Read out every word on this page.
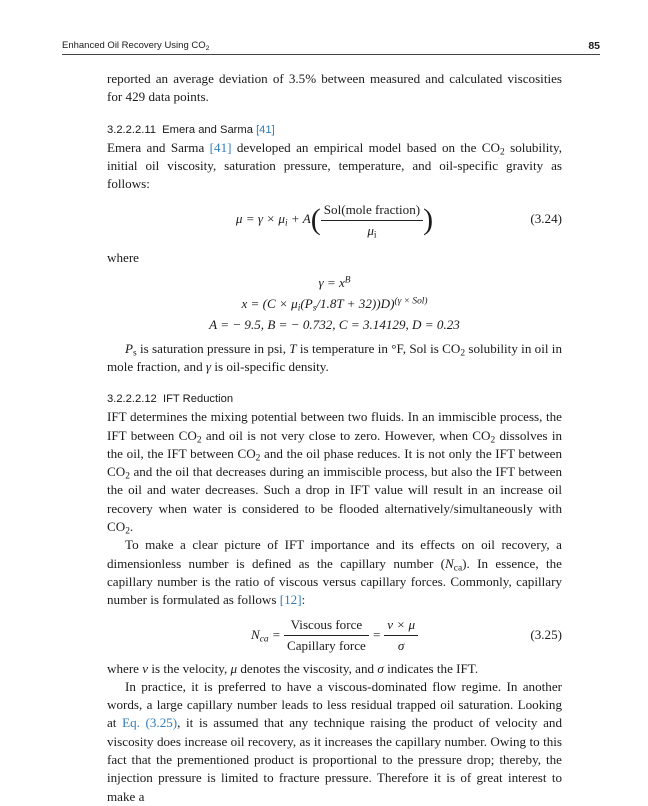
Enhanced Oil Recovery Using $CO_2$	85

reported an average deviation of 3.5% between measured and calculated viscosities for 429 data points.

3.2.2.2.11 Emera and Sarma [41]

Emera and Sarma [41] developed an empirical model based on the $CO_2$ solubility, initial oil viscosity, saturation pressure, temperature, and oil-specific gravity as follows:

$\mu = \gamma \times \mu_i + A( \frac{\text{Sol(mole fraction)}}{\mu_i}$ )	(3.24)

where

$\gamma = x^B$
$x = (C \times \mu_i(P_s/1.8T + 32))D)^{(\gamma \times Sol)}$
A = − 9.5, B = − 0.732, C = 3.14129, D = 0.23

$P_s$ is saturation pressure in psi, T is temperature in °F, Sol is $CO_2$ solubility in oil in mole fraction, and γ is oil-specific density.

3.2.2.2.12 IFT Reduction

IFT determines the mixing potential between two fluids. In an immiscible process, the IFT between $CO_2$ and oil is not very close to zero. However, when $CO_2$ dissolves in the oil, the IFT between $CO_2$ and the oil phase reduces. It is not only the IFT between $CO_2$ and the oil that decreases during an immiscible process, but also the IFT between the oil and water decreases. Such a drop in IFT value will result in an increase oil recovery when water is considered to be flooded alternatively/simultaneously with $CO_2$.

To make a clear picture of IFT importance and its effects on oil recovery, a dimensionless number is defined as the capillary number $(N_{ca})$. In essence, the capillary number is the ratio of viscous versus capillary forces. Commonly, capillary number is formulated as follows [12]:

$N_{ca} = \frac{\text{Viscous force}}{\text{Capillary force}} = \frac{v \times \mu}{\sigma}$	(3.25)

where v is the velocity, μ denotes the viscosity, and σ indicates the IFT.

In practice, it is preferred to have a viscous-dominated flow regime. In another words, a large capillary number leads to less residual trapped oil saturation. Looking at Eq. (3.25), it is assumed that any technique raising the product of velocity and viscosity does increase oil recovery, as it increases the capillary number. Owing to this fact that the prementioned product is proportional to the pressure drop; thereby, the injection pressure is limited to fracture pressure. Therefore it is of great interest to make a
